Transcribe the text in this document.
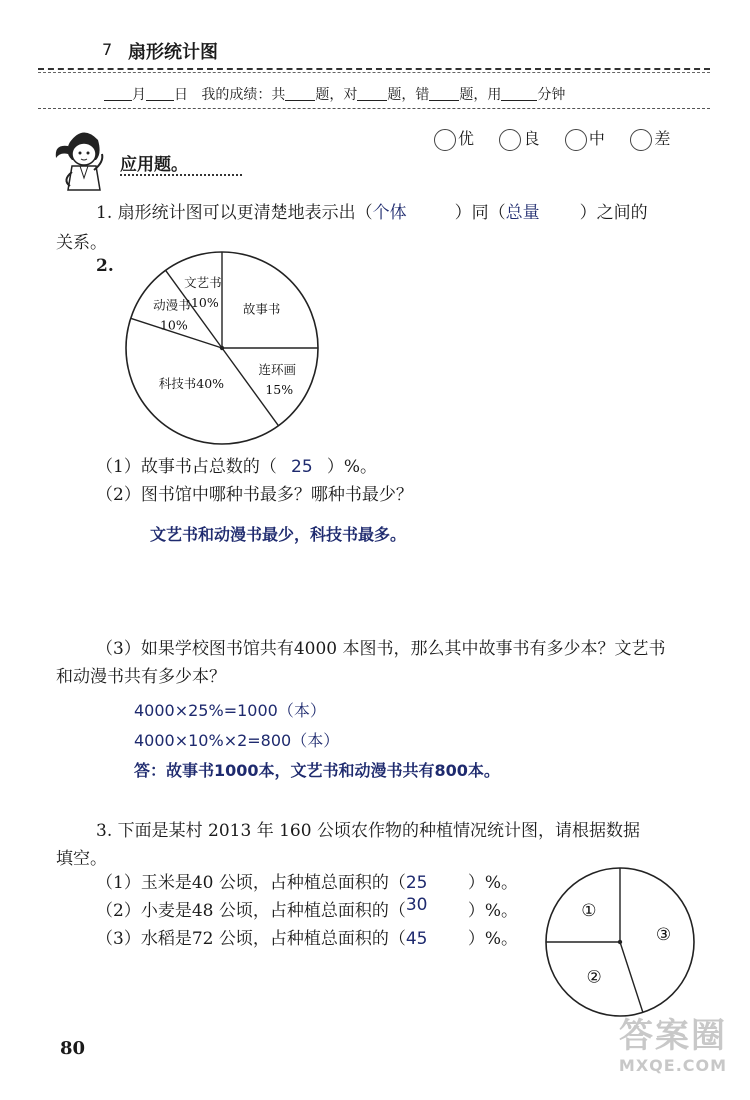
7 扇形统计图
月 日 我的成绩：共 题，对 题，错 题，用	分钟
应用题。
优	良	中	差
1. 扇形统计图可以更清楚地表示出（个体	）同（总量 ）之间的
关系。
2.
文艺书
10% 故事书
连环画
15%
科技书40%
动漫书
10%
（1）故事书占总数的（ 25 ）%。
（2）图书馆中哪种书最多？哪种书最少？
文艺书和动漫书最少，科技书最多。
（3）如果学校图书馆共有4000 本图书，那么其中故事书有多少本？文艺书
和动漫书共有多少本？
4000×25%=1000（本）
4000×10%×2=800（本）
答：故事书1000本，文艺书和动漫书共有800本。
3. 下面是某村 2013 年 160 公顷农作物的种植情况统计图，请根据数据
填空。
（1）玉米是40 公顷，占种植总面积的（25 ）%。
（2）小麦是48 公顷，占种植总面积的（30 ）%。
（3）水稻是72 公顷，占种植总面积的（45 ）%。	③
②
①
80	答案圈
MXQE.COM
